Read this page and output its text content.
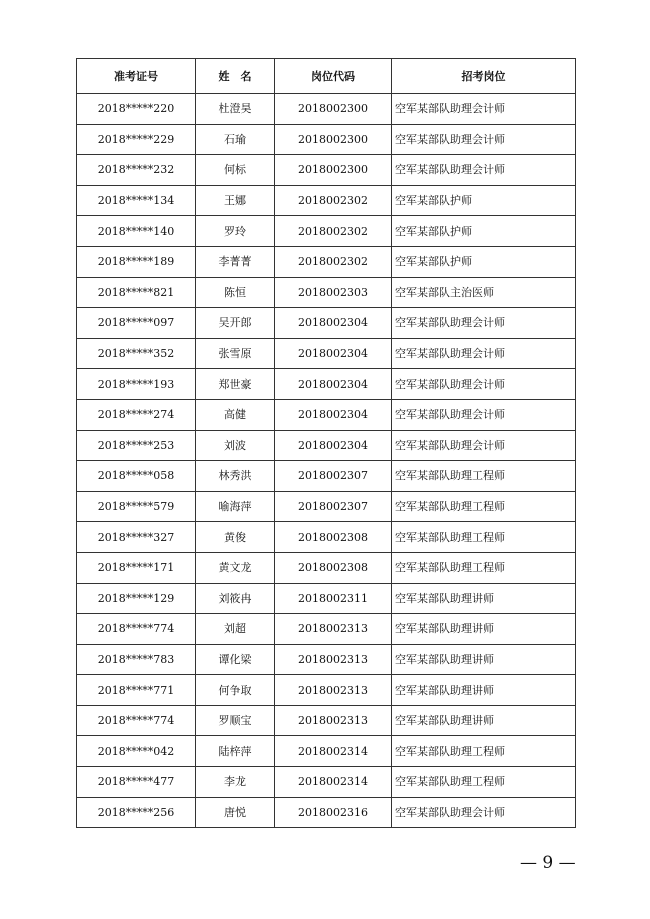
准考证号	姓　名	岗位代码	招考岗位
2018*****220	杜澄昊	2018002300	空军某部队助理会计师
2018*****229	石瑜	2018002300	空军某部队助理会计师
2018*****232	何标	2018002300	空军某部队助理会计师
2018*****134	王娜	2018002302	空军某部队护师
2018*****140	罗玲	2018002302	空军某部队护师
2018*****189	李菁菁	2018002302	空军某部队护师
2018*****821	陈恒	2018002303	空军某部队主治医师
2018*****097	吴开郎	2018002304	空军某部队助理会计师
2018*****352	张雪原	2018002304	空军某部队助理会计师
2018*****193	郑世豪	2018002304	空军某部队助理会计师
2018*****274	高健	2018002304	空军某部队助理会计师
2018*****253	刘波	2018002304	空军某部队助理会计师
2018*****058	林秀洪	2018002307	空军某部队助理工程师
2018*****579	喻海萍	2018002307	空军某部队助理工程师
2018*****327	黄俊	2018002308	空军某部队助理工程师
2018*****171	黄文龙	2018002308	空军某部队助理工程师
2018*****129	刘筱冉	2018002311	空军某部队助理讲师
2018*****774	刘超	2018002313	空军某部队助理讲师
2018*****783	谭化梁	2018002313	空军某部队助理讲师
2018*****771	何争取	2018002313	空军某部队助理讲师
2018*****774	罗顺宝	2018002313	空军某部队助理讲师
2018*****042	陆梓萍	2018002314	空军某部队助理工程师
2018*****477	李龙	2018002314	空军某部队助理工程师
2018*****256	唐悦	2018002316	空军某部队助理会计师
— 9 —
